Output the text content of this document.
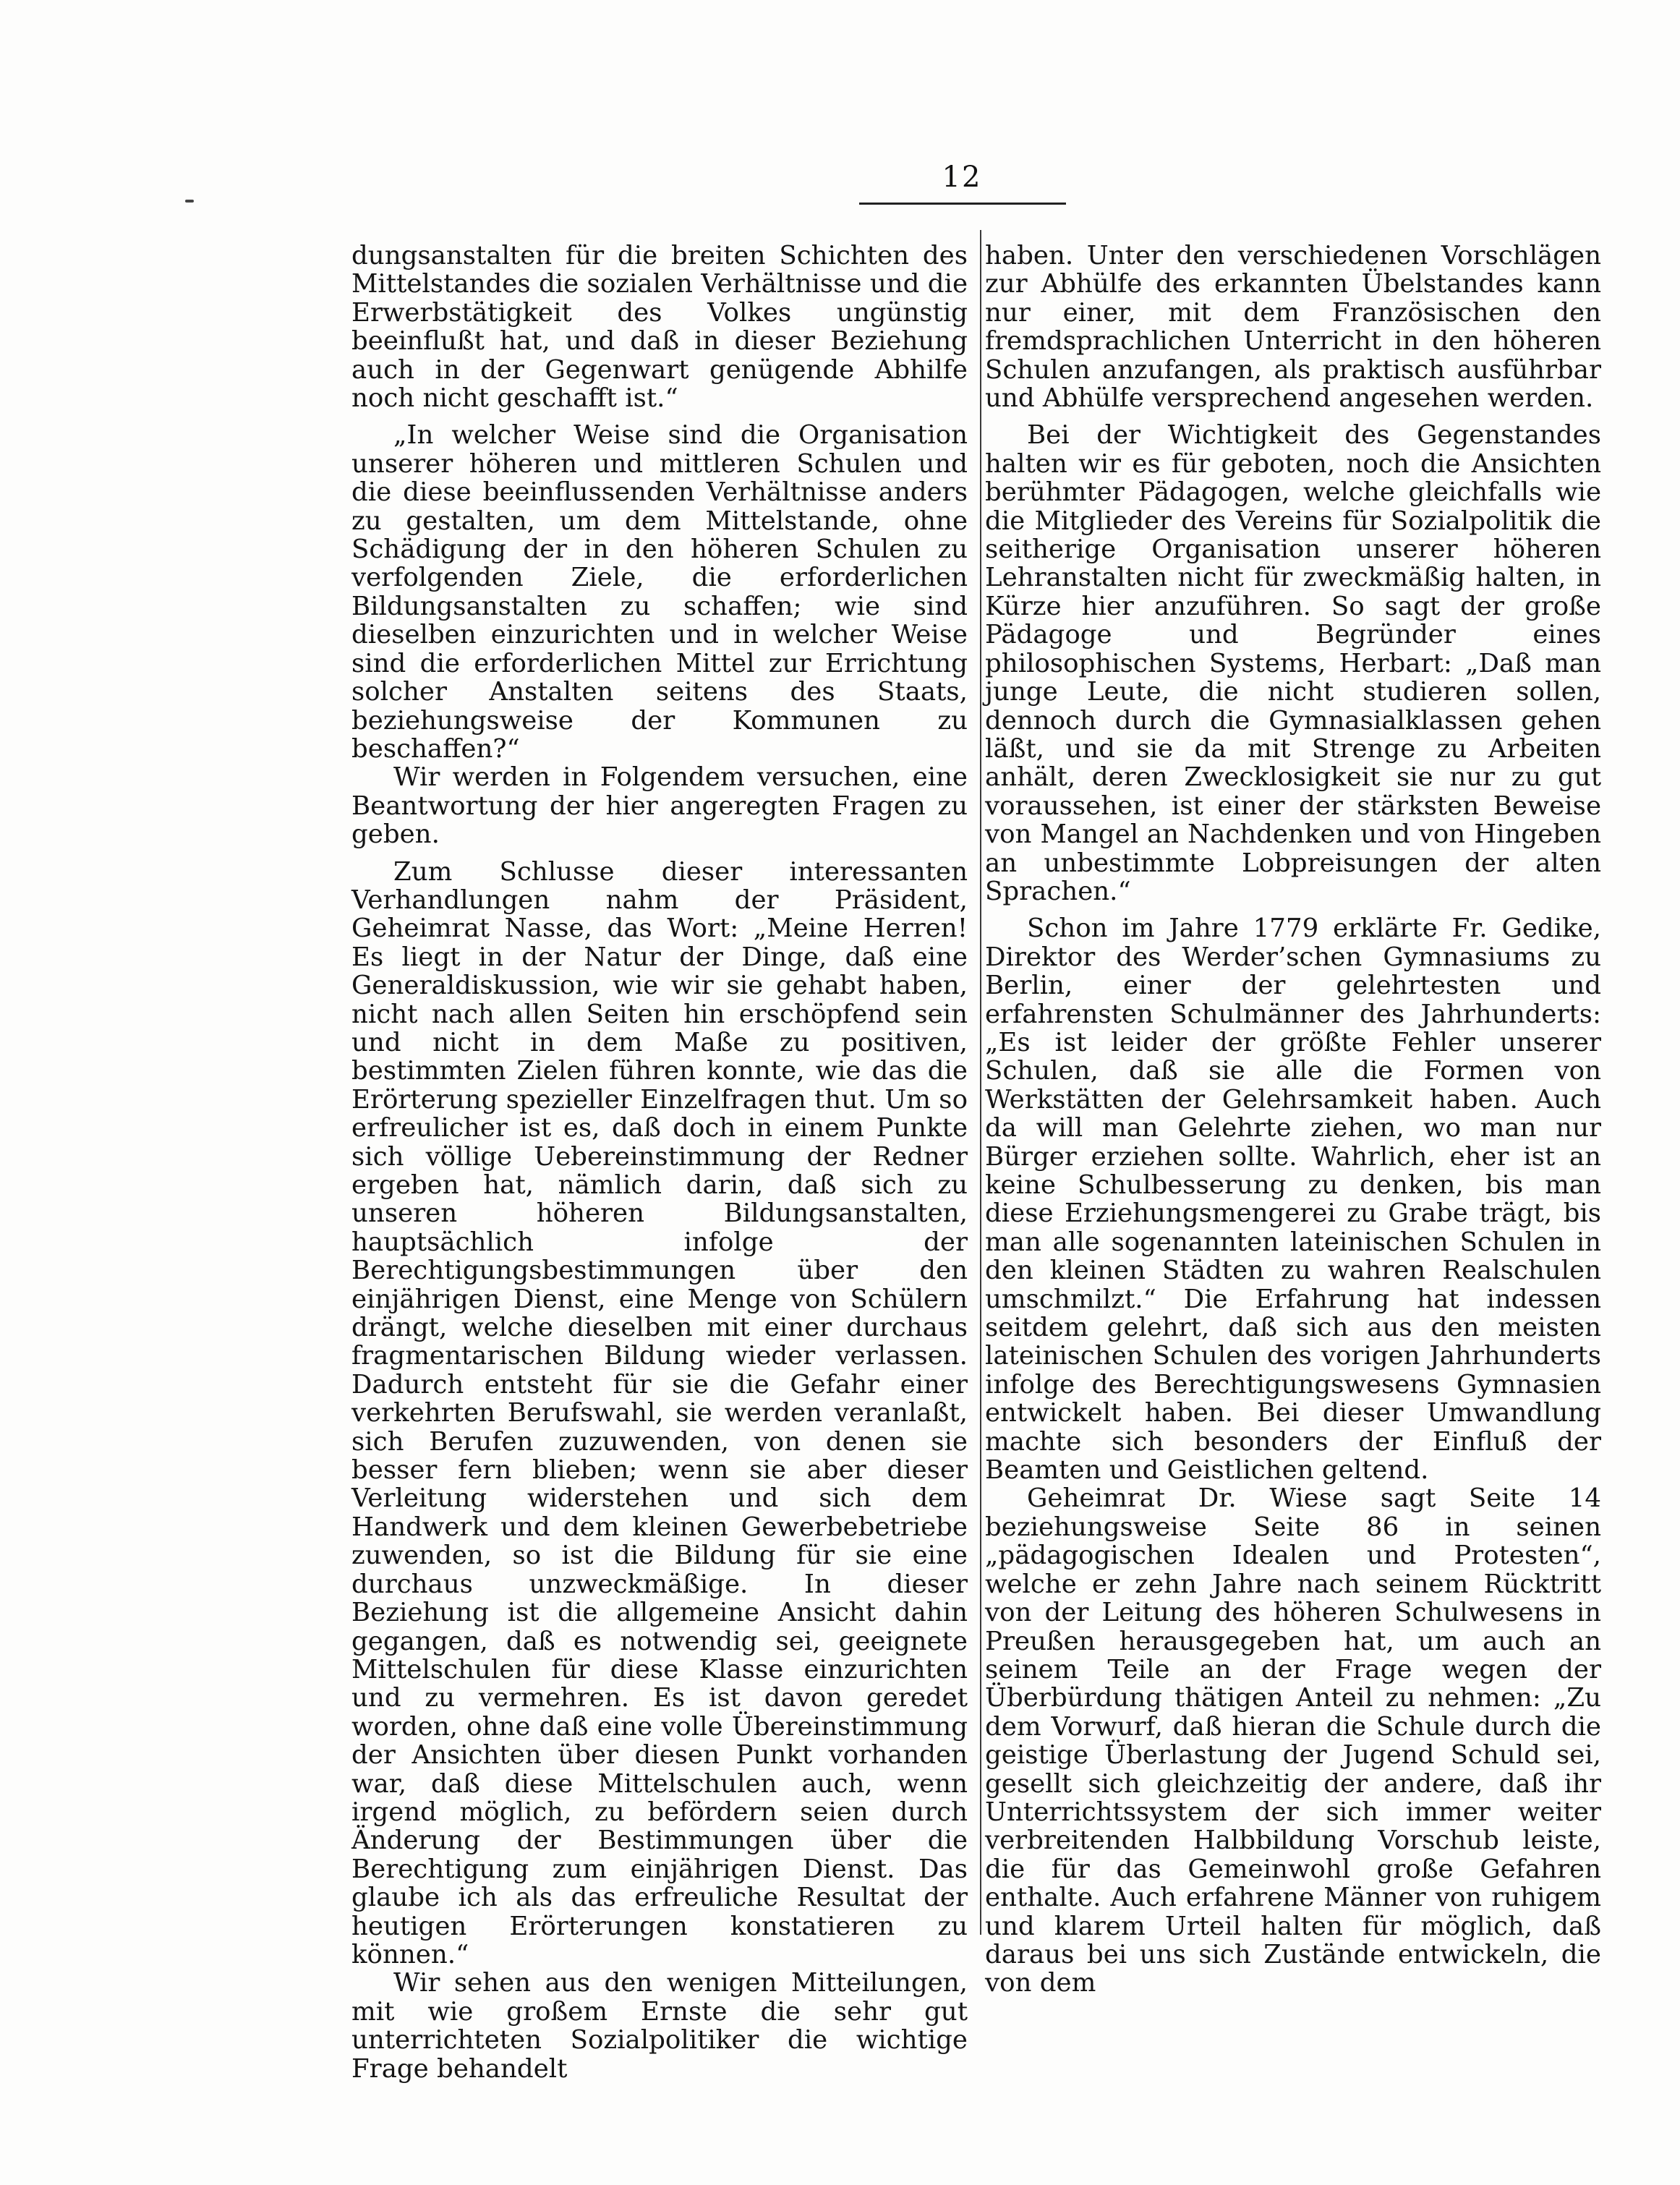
12

dungsanstalten für die breiten Schichten des Mittelstandes die sozialen Verhältnisse und die Erwerbstätigkeit des Volkes ungünstig beeinflußt hat, und daß in dieser Beziehung auch in der Gegenwart genügende Abhilfe noch nicht geschafft ist.“

„In welcher Weise sind die Organisation unserer höheren und mittleren Schulen und die diese beeinflussenden Verhältnisse anders zu gestalten, um dem Mittelstande, ohne Schädigung der in den höheren Schulen zu verfolgenden Ziele, die erforderlichen Bildungsanstalten zu schaffen; wie sind dieselben einzurichten und in welcher Weise sind die erforderlichen Mittel zur Errichtung solcher Anstalten seitens des Staats, beziehungsweise der Kommunen zu beschaffen?“

Wir werden in Folgendem versuchen, eine Beantwortung der hier angeregten Fragen zu geben.

Zum Schlusse dieser interessanten Verhandlungen nahm der Präsident, Geheimrat Nasse, das Wort: „Meine Herren! Es liegt in der Natur der Dinge, daß eine Generaldiskussion, wie wir sie gehabt haben, nicht nach allen Seiten hin erschöpfend sein und nicht in dem Maße zu positiven, bestimmten Zielen führen konnte, wie das die Erörterung spezieller Einzelfragen thut. Um so erfreulicher ist es, daß doch in einem Punkte sich völlige Uebereinstimmung der Redner ergeben hat, nämlich darin, daß sich zu unseren höheren Bildungsanstalten, hauptsächlich infolge der Berechtigungsbestimmungen über den einjährigen Dienst, eine Menge von Schülern drängt, welche dieselben mit einer durchaus fragmentarischen Bildung wieder verlassen. Dadurch entsteht für sie die Gefahr einer verkehrten Berufswahl, sie werden veranlaßt, sich Berufen zuzuwenden, von denen sie besser fern blieben; wenn sie aber dieser Verleitung widerstehen und sich dem Handwerk und dem kleinen Gewerbebetriebe zuwenden, so ist die Bildung für sie eine durchaus unzweckmäßige. In dieser Beziehung ist die allgemeine Ansicht dahin gegangen, daß es notwendig sei, geeignete Mittelschulen für diese Klasse einzurichten und zu vermehren. Es ist davon geredet worden, ohne daß eine volle Übereinstimmung der Ansichten über diesen Punkt vorhanden war, daß diese Mittelschulen auch, wenn irgend möglich, zu befördern seien durch Änderung der Bestimmungen über die Berechtigung zum einjährigen Dienst. Das glaube ich als das erfreuliche Resultat der heutigen Erörterungen konstatieren zu können.“

Wir sehen aus den wenigen Mitteilungen, mit wie großem Ernste die sehr gut unterrichteten Sozialpolitiker die wichtige Frage behandelt

haben. Unter den verschiedenen Vorschlägen zur Abhülfe des erkannten Übelstandes kann nur einer, mit dem Französischen den fremdsprachlichen Unterricht in den höheren Schulen anzufangen, als praktisch ausführbar und Abhülfe versprechend angesehen werden.

Bei der Wichtigkeit des Gegenstandes halten wir es für geboten, noch die Ansichten berühmter Pädagogen, welche gleichfalls wie die Mitglieder des Vereins für Sozialpolitik die seitherige Organisation unserer höheren Lehranstalten nicht für zweckmäßig halten, in Kürze hier anzuführen. So sagt der große Pädagoge und Begründer eines philosophischen Systems, Herbart: „Daß man junge Leute, die nicht studieren sollen, dennoch durch die Gymnasialklassen gehen läßt, und sie da mit Strenge zu Arbeiten anhält, deren Zwecklosigkeit sie nur zu gut voraussehen, ist einer der stärksten Beweise von Mangel an Nachdenken und von Hingeben an unbestimmte Lobpreisungen der alten Sprachen.“

Schon im Jahre 1779 erklärte Fr. Gedike, Direktor des Werder’schen Gymnasiums zu Berlin, einer der gelehrtesten und erfahrensten Schulmänner des Jahrhunderts: „Es ist leider der größte Fehler unserer Schulen, daß sie alle die Formen von Werkstätten der Gelehrsamkeit haben. Auch da will man Gelehrte ziehen, wo man nur Bürger erziehen sollte. Wahrlich, eher ist an keine Schulbesserung zu denken, bis man diese Erziehungsmengerei zu Grabe trägt, bis man alle sogenannten lateinischen Schulen in den kleinen Städten zu wahren Realschulen umschmilzt.“ Die Erfahrung hat indessen seitdem gelehrt, daß sich aus den meisten lateinischen Schulen des vorigen Jahrhunderts infolge des Berechtigungswesens Gymnasien entwickelt haben. Bei dieser Umwandlung machte sich besonders der Einfluß der Beamten und Geistlichen geltend.

Geheimrat Dr. Wiese sagt Seite 14 beziehungsweise Seite 86 in seinen „pädagogischen Idealen und Protesten“, welche er zehn Jahre nach seinem Rücktritt von der Leitung des höheren Schulwesens in Preußen herausgegeben hat, um auch an seinem Teile an der Frage wegen der Überbürdung thätigen Anteil zu nehmen: „Zu dem Vorwurf, daß hieran die Schule durch die geistige Überlastung der Jugend Schuld sei, gesellt sich gleichzeitig der andere, daß ihr Unterrichtssystem der sich immer weiter verbreitenden Halbbildung Vorschub leiste, die für das Gemeinwohl große Gefahren enthalte. Auch erfahrene Männer von ruhigem und klarem Urteil halten für möglich, daß daraus bei uns sich Zustände entwickeln, die von dem
